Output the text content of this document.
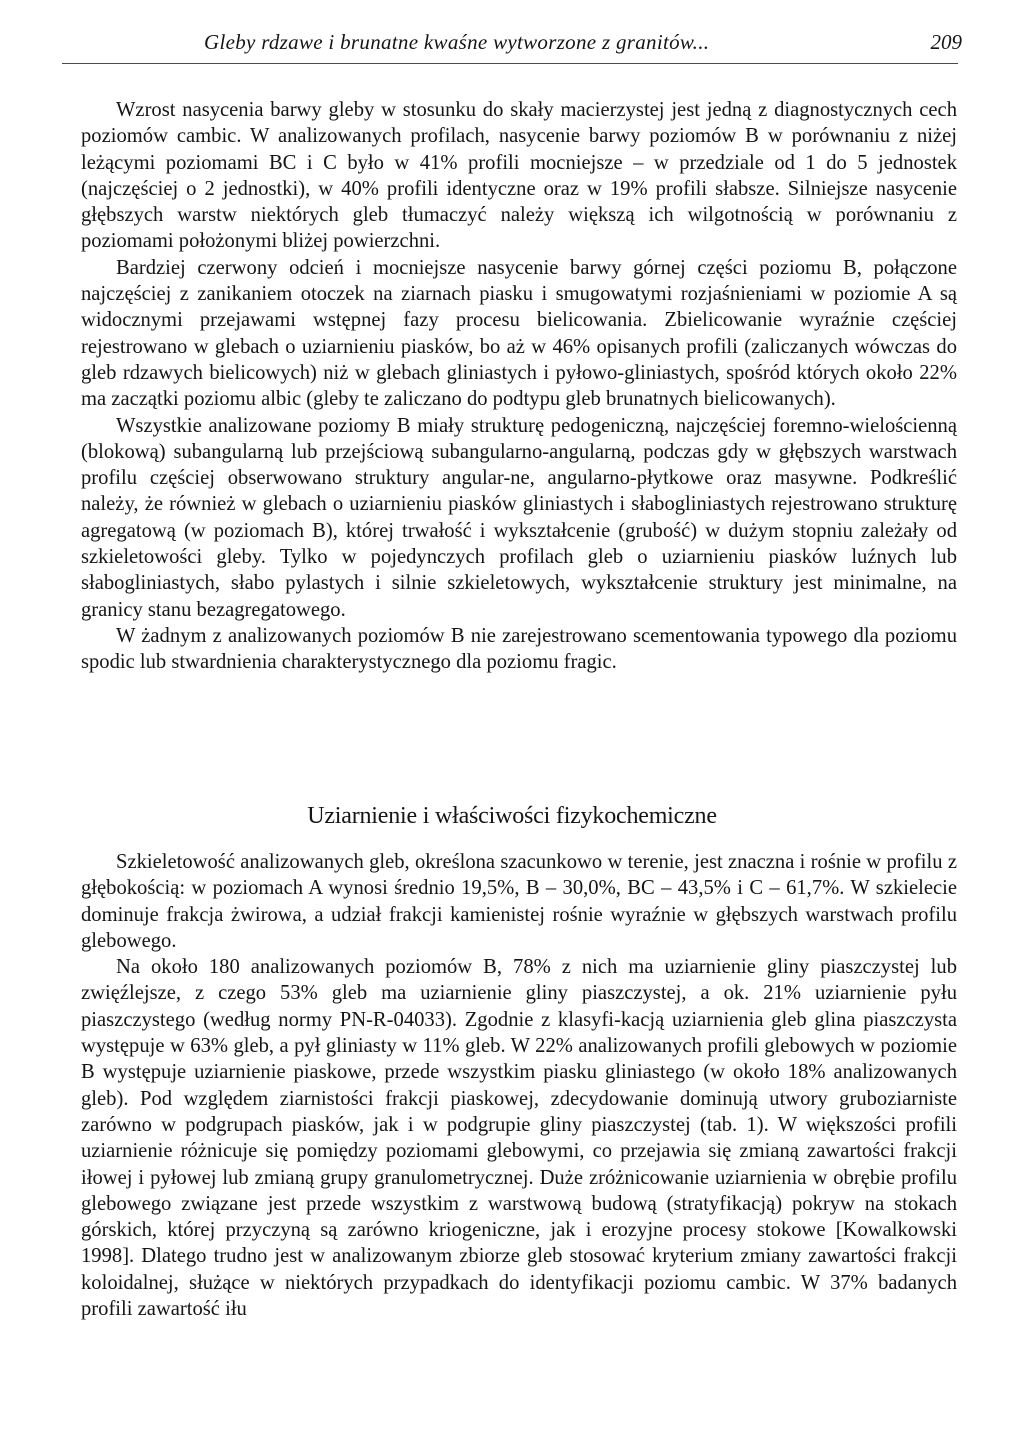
Gleby rdzawe i brunatne kwaśne wytworzone z granitów...	209

Wzrost nasycenia barwy gleby w stosunku do skały macierzystej jest jedną z diagnostycznych cech poziomów cambic. W analizowanych profilach, nasycenie barwy poziomów B w porównaniu z niżej leżącymi poziomami BC i C było w 41% profili mocniejsze – w przedziale od 1 do 5 jednostek (najczęściej o 2 jednostki), w 40% profili identyczne oraz w 19% profili słabsze. Silniejsze nasycenie głębszych warstw niektórych gleb tłumaczyć należy większą ich wilgotnością w porównaniu z poziomami położonymi bliżej powierzchni.

Bardziej czerwony odcień i mocniejsze nasycenie barwy górnej części poziomu B, połączone najczęściej z zanikaniem otoczek na ziarnach piasku i smugowatymi rozjaśnieniami w poziomie A są widocznymi przejawami wstępnej fazy procesu bielicowania. Zbielicowanie wyraźnie częściej rejestrowano w glebach o uziarnieniu piasków, bo aż w 46% opisanych profili (zaliczanych wówczas do gleb rdzawych bielicowych) niż w glebach gliniastych i pyłowo-gliniastych, spośród których około 22% ma zaczątki poziomu albic (gleby te zaliczano do podtypu gleb brunatnych bielicowanych).

Wszystkie analizowane poziomy B miały strukturę pedogeniczną, najczęściej foremno-wielościenną (blokową) subangularną lub przejściową subangularno-angularną, podczas gdy w głębszych warstwach profilu częściej obserwowano struktury angular-ne, angularno-płytkowe oraz masywne. Podkreślić należy, że również w glebach o uziarnieniu piasków gliniastych i słabogliniastych rejestrowano strukturę agregatową (w poziomach B), której trwałość i wykształcenie (grubość) w dużym stopniu zależały od szkieletowości gleby. Tylko w pojedynczych profilach gleb o uziarnieniu piasków luźnych lub słabogliniastych, słabo pylastych i silnie szkieletowych, wykształcenie struktury jest minimalne, na granicy stanu bezagregatowego.

W żadnym z analizowanych poziomów B nie zarejestrowano scementowania typowego dla poziomu spodic lub stwardnienia charakterystycznego dla poziomu fragic.

Uziarnienie i właściwości fizykochemiczne

Szkieletowość analizowanych gleb, określona szacunkowo w terenie, jest znaczna i rośnie w profilu z głębokością: w poziomach A wynosi średnio 19,5%, B – 30,0%, BC – 43,5% i C – 61,7%. W szkielecie dominuje frakcja żwirowa, a udział frakcji kamienistej rośnie wyraźnie w głębszych warstwach profilu glebowego.

Na około 180 analizowanych poziomów B, 78% z nich ma uziarnienie gliny piaszczystej lub zwięźlejsze, z czego 53% gleb ma uziarnienie gliny piaszczystej, a ok. 21% uziarnienie pyłu piaszczystego (według normy PN-R-04033). Zgodnie z klasyfi-kacją uziarnienia gleb glina piaszczysta występuje w 63% gleb, a pył gliniasty w 11% gleb. W 22% analizowanych profili glebowych w poziomie B występuje uziarnienie piaskowe, przede wszystkim piasku gliniastego (w około 18% analizowanych gleb). Pod względem ziarnistości frakcji piaskowej, zdecydowanie dominują utwory gruboziarniste zarówno w podgrupach piasków, jak i w podgrupie gliny piaszczystej (tab. 1). W większości profili uziarnienie różnicuje się pomiędzy poziomami glebowymi, co przejawia się zmianą zawartości frakcji iłowej i pyłowej lub zmianą grupy granulometrycznej. Duże zróżnicowanie uziarnienia w obrębie profilu glebowego związane jest przede wszystkim z warstwową budową (stratyfikacją) pokryw na stokach górskich, której przyczyną są zarówno kriogeniczne, jak i erozyjne procesy stokowe [Kowalkowski 1998]. Dlatego trudno jest w analizowanym zbiorze gleb stosować kryterium zmiany zawartości frakcji koloidalnej, służące w niektórych przypadkach do identyfikacji poziomu cambic. W 37% badanych profili zawartość iłu
